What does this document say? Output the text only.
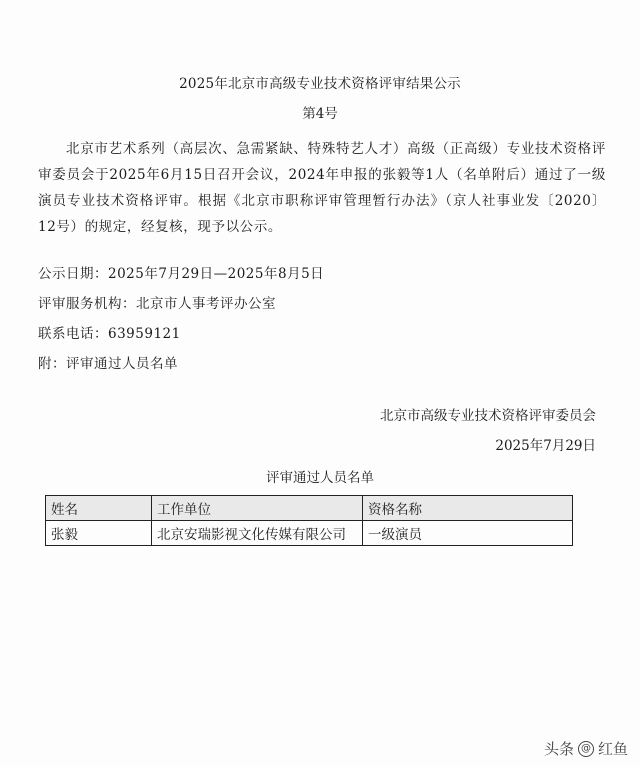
2025年北京市高级专业技术资格评审结果公示
第4号

北京市艺术系列（高层次、急需紧缺、特殊特艺人才）高级（正高级）专业技术资格评审委员会于2025年6月15日召开会议，2024年申报的张毅等1人（名单附后）通过了一级演员专业技术资格评审。根据《北京市职称评审管理暂行办法》（京人社事业发〔2020〕12号）的规定，经复核，现予以公示。

公示日期：2025年7月29日—2025年8月5日
评审服务机构：北京市人事考评办公室
联系电话：63959121
附：评审通过人员名单
北京市高级专业技术资格评审委员会
2025年7月29日
评审通过人员名单
姓名	工作单位	资格名称
张毅	北京安瑞影视文化传媒有限公司	一级演员
头条 @ 红鱼
